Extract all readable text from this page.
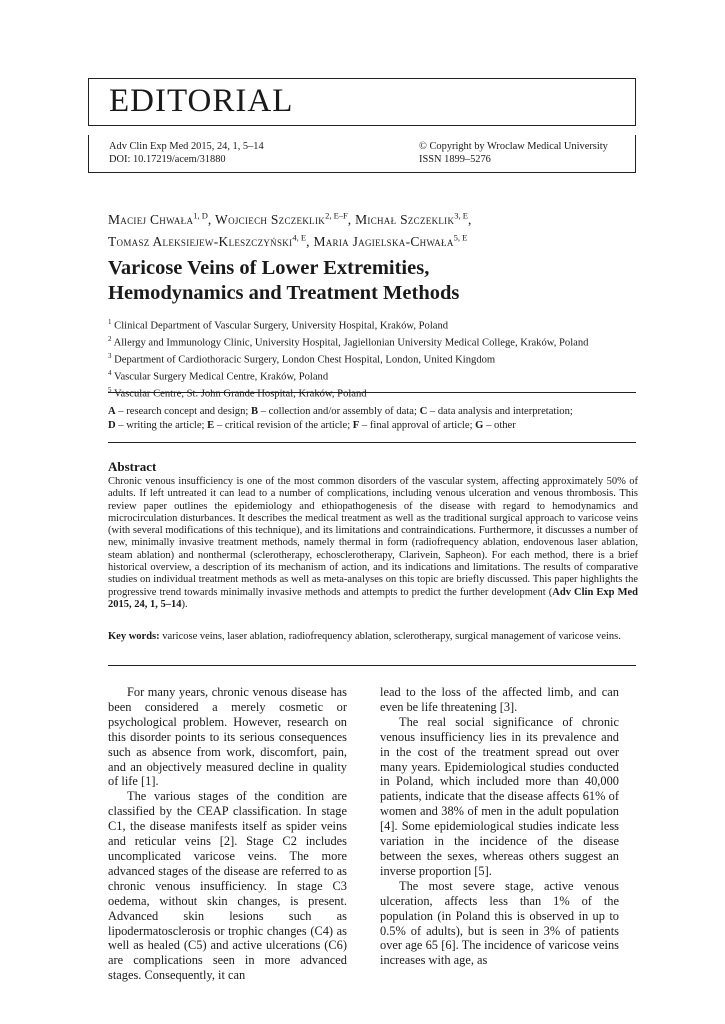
EDITORIAL
Adv Clin Exp Med 2015, 24, 1, 5–14
DOI: 10.17219/acem/31880
© Copyright by Wroclaw Medical University
ISSN 1899–5276
Maciej Chwała$^{1, D}$, Wojciech Szczeklik$^{2, E-F}$, Michał Szczeklik$^{3, E}$,
Tomasz Aleksiejew-Kleszczyński$^{4, E}$, Maria Jagielska-Chwała$^{5, E}$
Varicose Veins of Lower Extremities,
Hemodynamics and Treatment Methods
$^1$ Clinical Department of Vascular Surgery, University Hospital, Kraków, Poland
$^2$ Allergy and Immunology Clinic, University Hospital, Jagiellonian University Medical College, Kraków, Poland
$^3$ Department of Cardiothoracic Surgery, London Chest Hospital, London, United Kingdom
$^4$ Vascular Surgery Medical Centre, Kraków, Poland
$^5$ Vascular Centre, St. John Grande Hospital, Kraków, Poland
A – research concept and design; B – collection and/or assembly of data; C – data analysis and interpretation;
D – writing the article; E – critical revision of the article; F – final approval of article; G – other
Abstract
Chronic venous insufficiency is one of the most common disorders of the vascular system, affecting approximately 50% of adults. If left untreated it can lead to a number of complications, including venous ulceration and venous thrombosis. This review paper outlines the epidemiology and ethiopathogenesis of the disease with regard to hemodynamics and microcirculation disturbances. It describes the medical treatment as well as the traditional surgical approach to varicose veins (with several modifications of this technique), and its limitations and contraindications. Furthermore, it discusses a number of new, minimally invasive treatment methods, namely thermal in form (radiofrequency ablation, endovenous laser ablation, steam ablation) and nonthermal (sclerotherapy, echosclerotherapy, Clarivein, Sapheon). For each method, there is a brief historical overview, a description of its mechanism of action, and its indications and limitations. The results of comparative studies on individual treatment methods as well as meta-analyses on this topic are briefly discussed. This paper highlights the progressive trend towards minimally invasive methods and attempts to predict the further development (Adv Clin Exp Med 2015, 24, 1, 5–14).
Key words: varicose veins, laser ablation, radiofrequency ablation, sclerotherapy, surgical management of varicose veins.

For many years, chronic venous disease has been considered a merely cosmetic or psychological problem. However, research on this disorder points to its serious consequences such as absence from work, discomfort, pain, and an objectively measured decline in quality of life [1].

The various stages of the condition are classified by the CEAP classification. In stage C1, the disease manifests itself as spider veins and reticular veins [2]. Stage C2 includes uncomplicated varicose veins. The more advanced stages of the disease are referred to as chronic venous insufficiency. In stage C3 oedema, without skin changes, is present. Advanced skin lesions such as lipodermatosclerosis or trophic changes (C4) as well as healed (C5) and active ulcerations (C6) are complications seen in more advanced stages. Consequently, it can

lead to the loss of the affected limb, and can even be life threatening [3].

The real social significance of chronic venous insufficiency lies in its prevalence and in the cost of the treatment spread out over many years. Epidemiological studies conducted in Poland, which included more than 40,000 patients, indicate that the disease affects 61% of women and 38% of men in the adult population [4]. Some epidemiological studies indicate less variation in the incidence of the disease between the sexes, whereas others suggest an inverse proportion [5].

The most severe stage, active venous ulceration, affects less than 1% of the population (in Poland this is observed in up to 0.5% of adults), but is seen in 3% of patients over age 65 [6]. The incidence of varicose veins increases with age, as
